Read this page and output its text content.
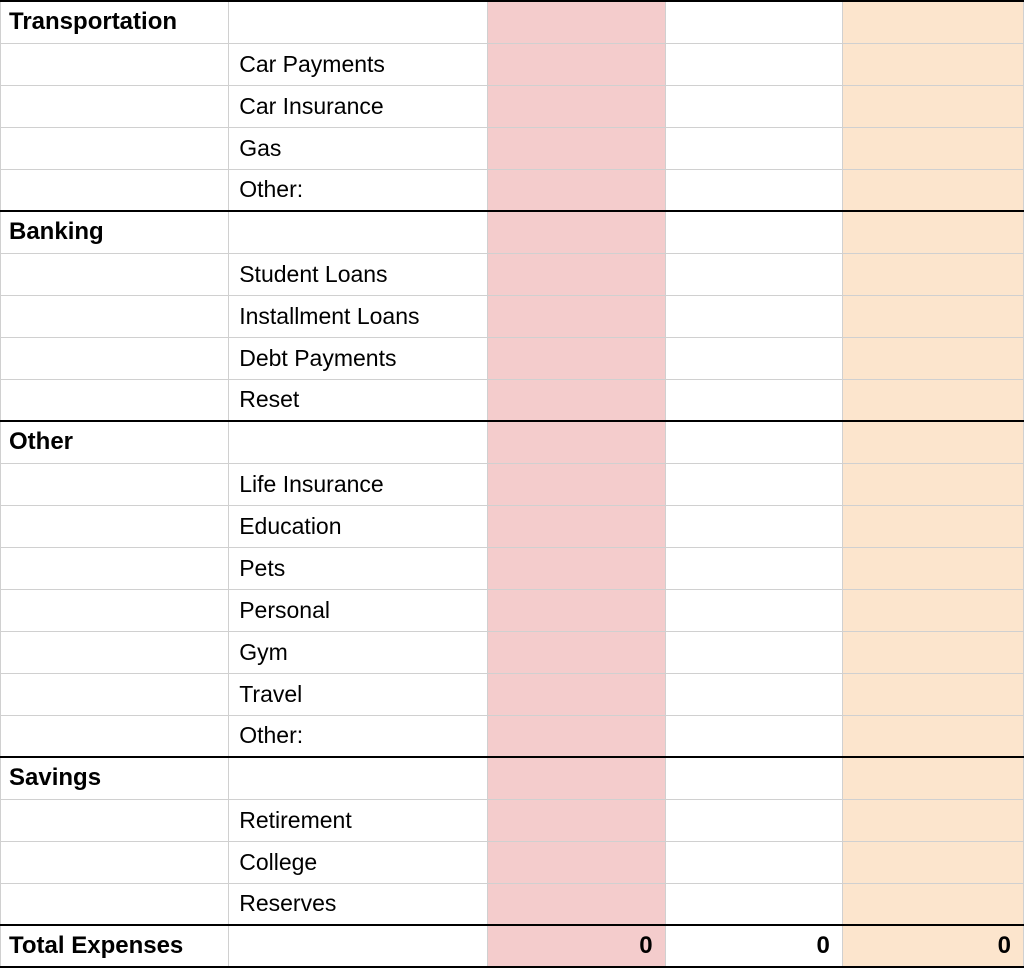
Transportation				
	Car Payments			
	Car Insurance			
	Gas			
	Other:			
Banking				
	Student Loans			
	Installment Loans			
	Debt Payments			
	Reset			
Other				
	Life Insurance			
	Education			
	Pets			
	Personal			
	Gym			
	Travel			
	Other:			
Savings				
	Retirement			
	College			
	Reserves			
Total Expenses		0	0	0
